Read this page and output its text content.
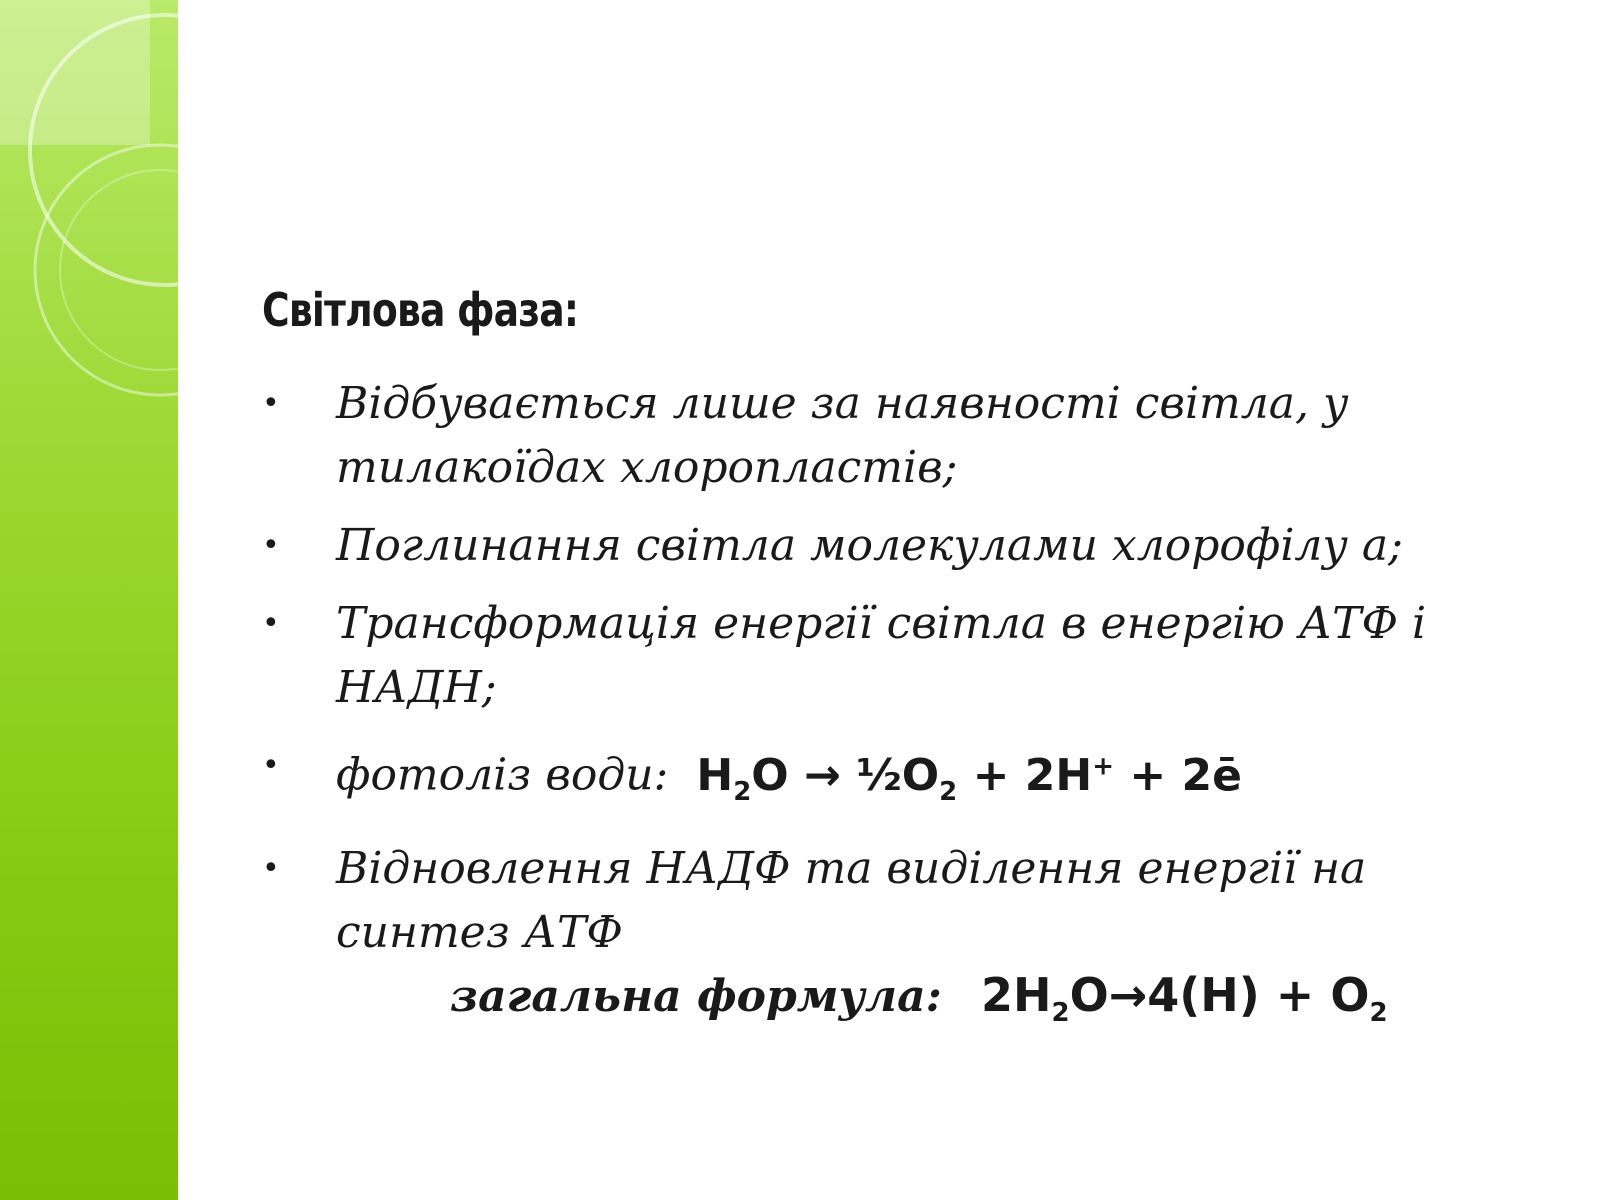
Світлова фаза:
• Відбувається лише за наявності світла, у тилакоїдах хлоропластів;
• Поглинання світла молекулами хлорофілу а;
• Трансформація енергії світла в енергію АТФ і НАДН;
• фотоліз води: $H_2O$ → $\frac{1}{2}O_2 + 2H^+$ + 2ē
• Відновлення НАДФ та виділення енергії на синтез АТФ
загальна формула: $2H_2O\to 4(H) + O_2$
